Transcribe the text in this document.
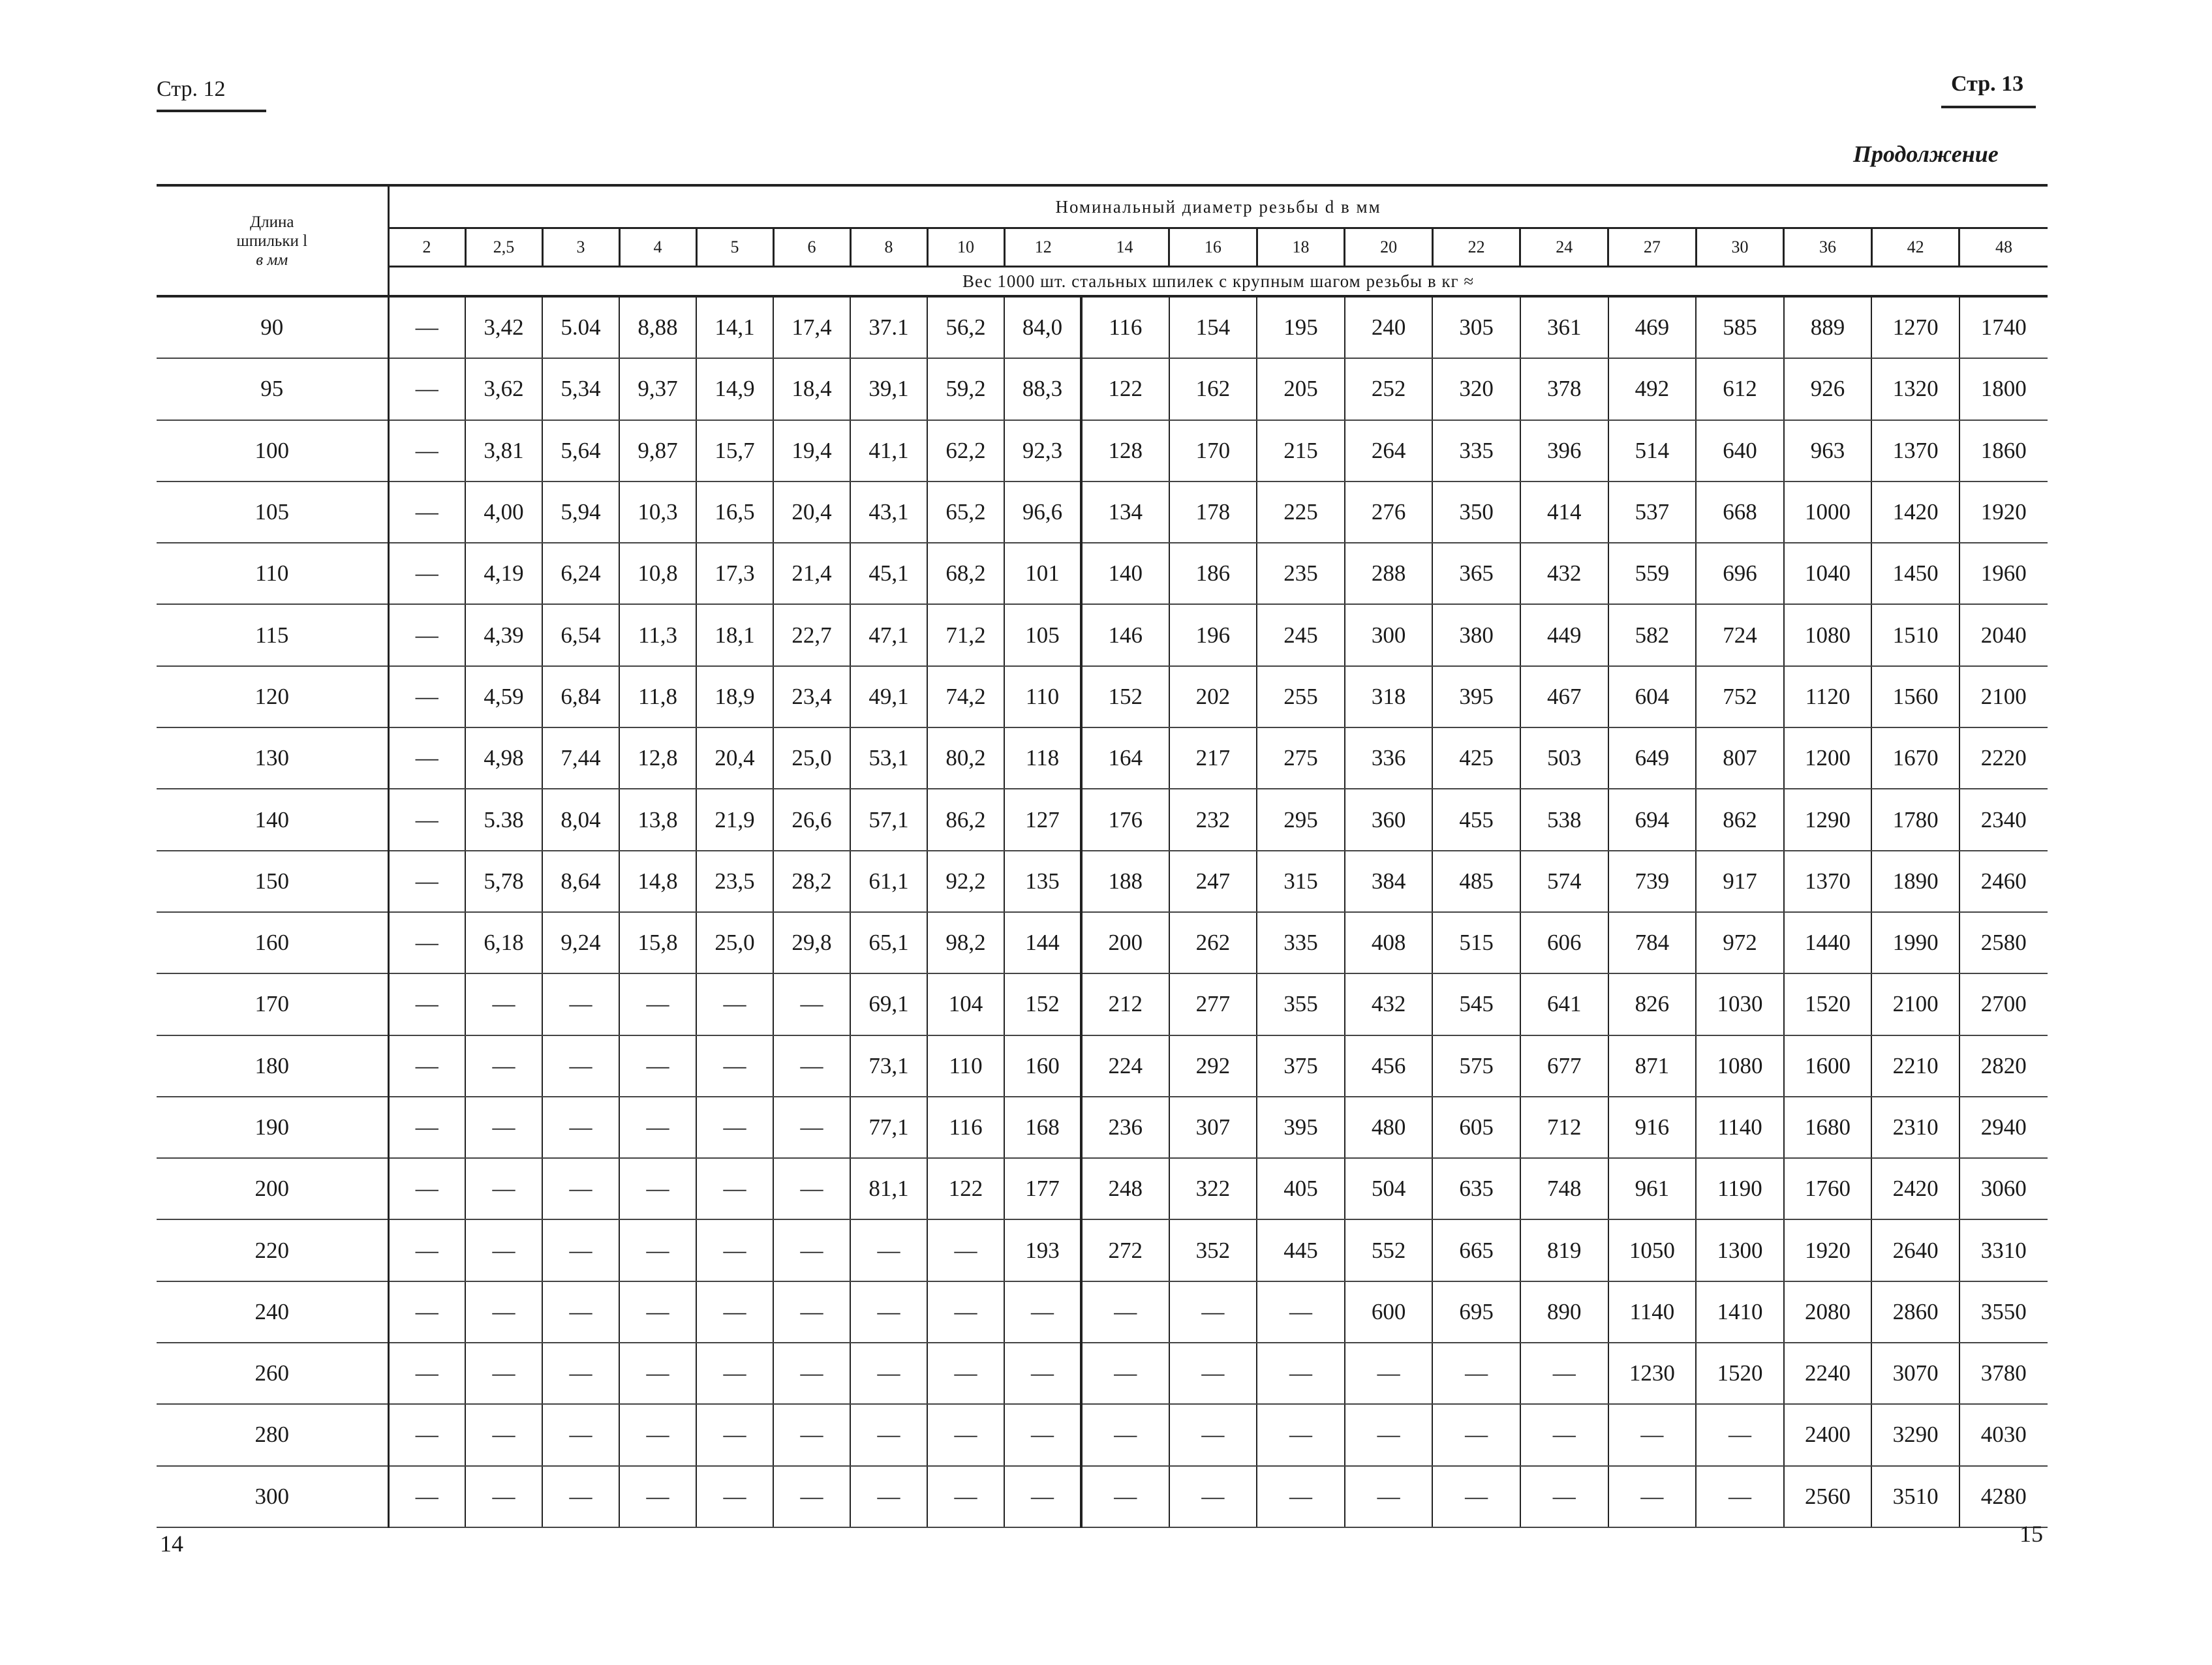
Стр. 12	Стр. 13
Продолжение
Длина
шпильки l
в мм	Номинальный диаметр резьбы d в мм																			
	2	2,5	3	4	5	6	8	10	12	14	16	18	20	22	24	27	30	36	42	48
	Вес 1000 шт. стальных шпилек с крупным шагом резьбы в кг ≈																			
90	—	3,42	5.04	8,88	14,1	17,4	37.1	56,2	84,0	116	154	195	240	305	361	469	585	889	1270	1740
95	—	3,62	5,34	9,37	14,9	18,4	39,1	59,2	88,3	122	162	205	252	320	378	492	612	926	1320	1800
100	—	3,81	5,64	9,87	15,7	19,4	41,1	62,2	92,3	128	170	215	264	335	396	514	640	963	1370	1860
105	—	4,00	5,94	10,3	16,5	20,4	43,1	65,2	96,6	134	178	225	276	350	414	537	668	1000	1420	1920
110	—	4,19	6,24	10,8	17,3	21,4	45,1	68,2	101	140	186	235	288	365	432	559	696	1040	1450	1960
115	—	4,39	6,54	11,3	18,1	22,7	47,1	71,2	105	146	196	245	300	380	449	582	724	1080	1510	2040
120	—	4,59	6,84	11,8	18,9	23,4	49,1	74,2	110	152	202	255	318	395	467	604	752	1120	1560	2100
130	—	4,98	7,44	12,8	20,4	25,0	53,1	80,2	118	164	217	275	336	425	503	649	807	1200	1670	2220
140	—	5.38	8,04	13,8	21,9	26,6	57,1	86,2	127	176	232	295	360	455	538	694	862	1290	1780	2340
150	—	5,78	8,64	14,8	23,5	28,2	61,1	92,2	135	188	247	315	384	485	574	739	917	1370	1890	2460
160	—	6,18	9,24	15,8	25,0	29,8	65,1	98,2	144	200	262	335	408	515	606	784	972	1440	1990	2580
170	—	—	—	—	—	—	69,1	104	152	212	277	355	432	545	641	826	1030	1520	2100	2700
180	—	—	—	—	—	—	73,1	110	160	224	292	375	456	575	677	871	1080	1600	2210	2820
190	—	—	—	—	—	—	77,1	116	168	236	307	395	480	605	712	916	1140	1680	2310	2940
200	—	—	—	—	—	—	81,1	122	177	248	322	405	504	635	748	961	1190	1760	2420	3060
220	—	—	—	—	—	—	—	—	193	272	352	445	552	665	819	1050	1300	1920	2640	3310
240	—	—	—	—	—	—	—	—	—	—	—	—	600	695	890	1140	1410	2080	2860	3550
260	—	—	—	—	—	—	—	—	—	—	—	—	—	—	—	1230	1520	2240	3070	3780
280	—	—	—	—	—	—	—	—	—	—	—	—	—	—	—	—	—	2400	3290	4030
300	—	—	—	—	—	—	—	—	—	—	—	—	—	—	—	—	—	2560	3510	4280
14	15
